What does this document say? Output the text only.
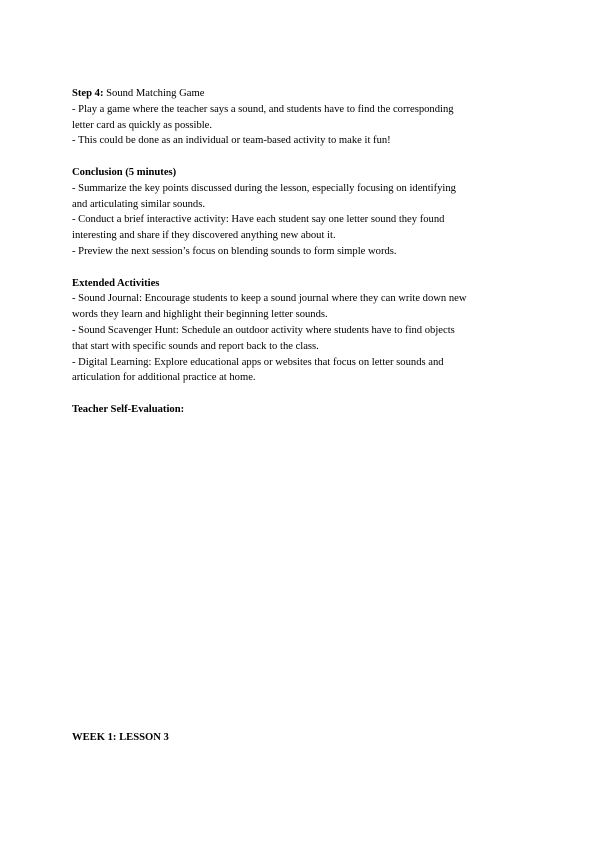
Step 4: Sound Matching Game
- Play a game where the teacher says a sound, and students have to find the corresponding
letter card as quickly as possible.
- This could be done as an individual or team-based activity to make it fun!
Conclusion (5 minutes)
- Summarize the key points discussed during the lesson, especially focusing on identifying
and articulating similar sounds.
- Conduct a brief interactive activity: Have each student say one letter sound they found
interesting and share if they discovered anything new about it.
- Preview the next session’s focus on blending sounds to form simple words.
Extended Activities
- Sound Journal: Encourage students to keep a sound journal where they can write down new
words they learn and highlight their beginning letter sounds.
- Sound Scavenger Hunt: Schedule an outdoor activity where students have to find objects
that start with specific sounds and report back to the class.
- Digital Learning: Explore educational apps or websites that focus on letter sounds and
articulation for additional practice at home.
Teacher Self-Evaluation:
WEEK 1: LESSON 3
